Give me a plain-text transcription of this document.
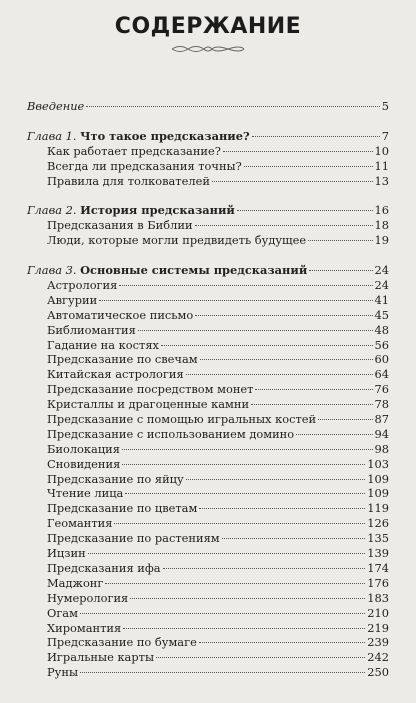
СОДЕРЖАНИЕ
Введение	5
Глава 1. Что такое предсказание?	7
Как работает предсказание?	10
Всегда ли предсказания точны?	11
Правила для толкователей	13
Глава 2. История предсказаний	16
Предсказания в Библии	18
Люди, которые могли предвидеть будущее	19
Глава 3. Основные системы предсказаний	24
Астрология	24
Авгурии	41
Автоматическое письмо	45
Библиомантия	48
Гадание на костях	56
Предсказание по свечам	60
Китайская астрология	64
Предсказание посредством монет	76
Кристаллы и драгоценные камни	78
Предсказание с помощью игральных костей	87
Предсказание с использованием домино	94
Биолокация	98
Сновидения	103
Предсказание по яйцу	109
Чтение лица	109
Предсказание по цветам	119
Геомантия	126
Предсказание по растениям	135
Ицзин	139
Предсказания ифа	174
Маджонг	176
Нумерология	183
Огам	210
Хиромантия	219
Предсказание по бумаге	239
Игральные карты	242
Руны	250
